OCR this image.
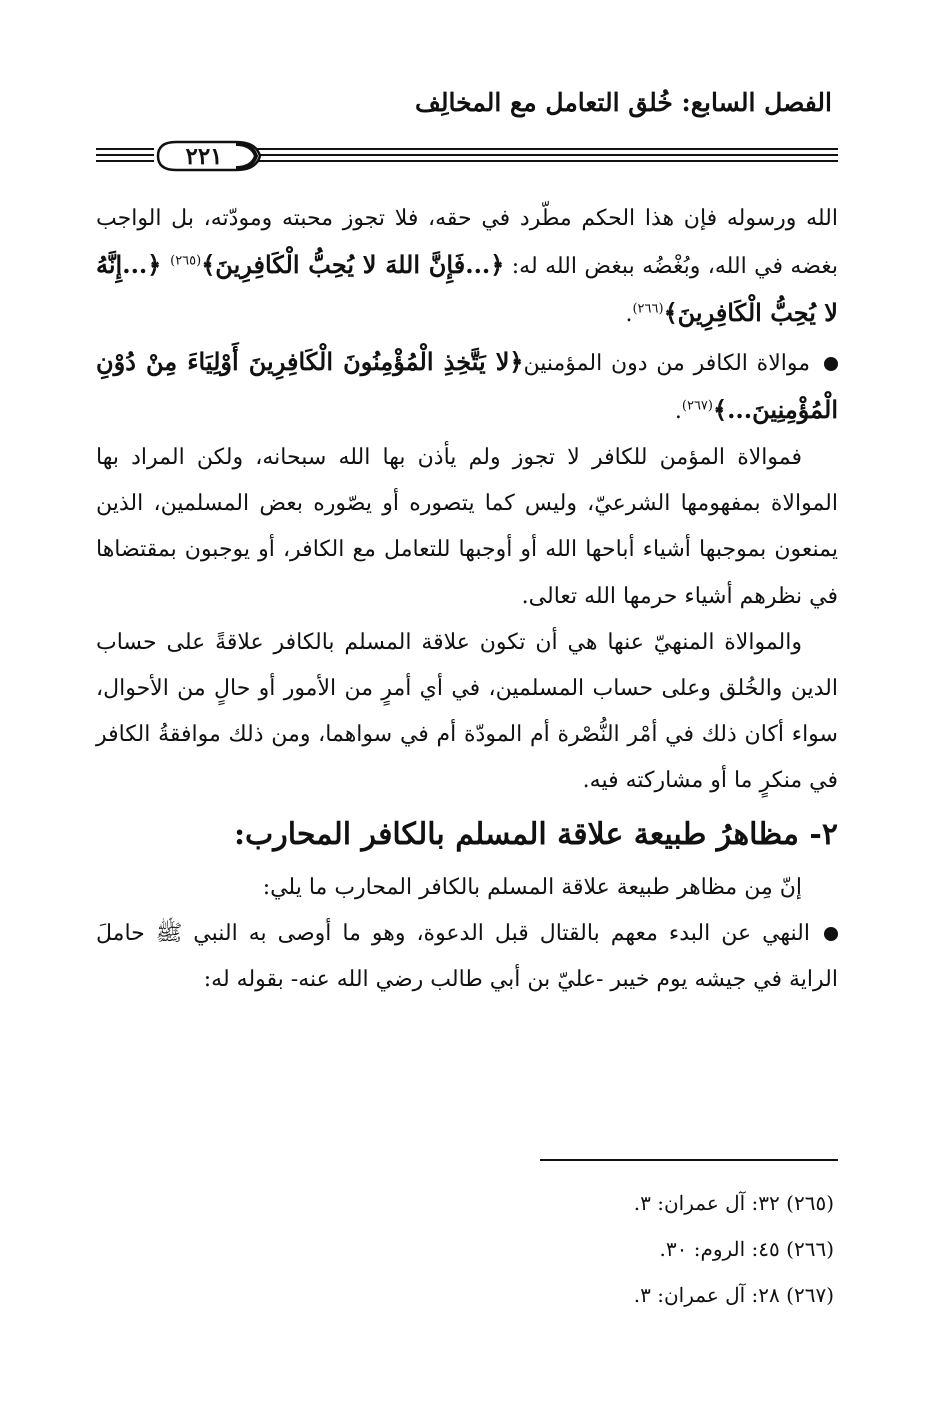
الفصل السابع: خُلق التعامل مع المخالِف
٢٢١

الله ورسوله فإن هذا الحكم مطّرد في حقه، فلا تجوز محبته ومودّته، بل الواجب بغضه في الله، وبُغْضُه ببغض الله له: ﴿...فَإِنَّ اللهَ لا يُحِبُّ الْكَافِرِينَ﴾$^{(٢٦٥)}$ ﴿...إِنَّهُ لا يُحِبُّ الْكَافِرِينَ﴾$^{(٢٦٦)}$.

موالاة الكافر من دون المؤمنين﴿لا يَتَّخِذِ الْمُؤْمِنُونَ الْكَافِرِينَ أَوْلِيَاءَ مِنْ دُوْنِ الْمُؤْمِنِينَ...﴾$^{(٢٦٧)}$.

فموالاة المؤمن للكافر لا تجوز ولم يأذن بها الله سبحانه، ولكن المراد بها الموالاة بمفهومها الشرعيّ، وليس كما يتصوره أو يصّوره بعض المسلمين، الذين يمنعون بموجبها أشياء أباحها الله أو أوجبها للتعامل مع الكافر، أو يوجبون بمقتضاها في نظرهم أشياء حرمها الله تعالى.

والموالاة المنهيّ عنها هي أن تكون علاقة المسلم بالكافر علاقةً على حساب الدين والخُلق وعلى حساب المسلمين، في أي أمرٍ من الأمور أو حالٍ من الأحوال، سواء أكان ذلك في أمْر النُّصْرة أم المودّة أم في سواهما، ومن ذلك موافقةُ الكافر في منكرٍ ما أو مشاركته فيه.

٢- مظاهرُ طبيعة علاقة المسلم بالكافر المحارب:

إنّ مِن مظاهر طبيعة علاقة المسلم بالكافر المحارب ما يلي:

النهي عن البدء معهم بالقتال قبل الدعوة، وهو ما أوصى به النبي ﷺ حاملَ الراية في جيشه يوم خيبر -عليّ بن أبي طالب رضي الله عنه- بقوله له:

(٢٦٥) ٣٢: آل عمران: ٣.
(٢٦٦) ٤٥: الروم: ٣٠.
(٢٦٧) ٢٨: آل عمران: ٣.
